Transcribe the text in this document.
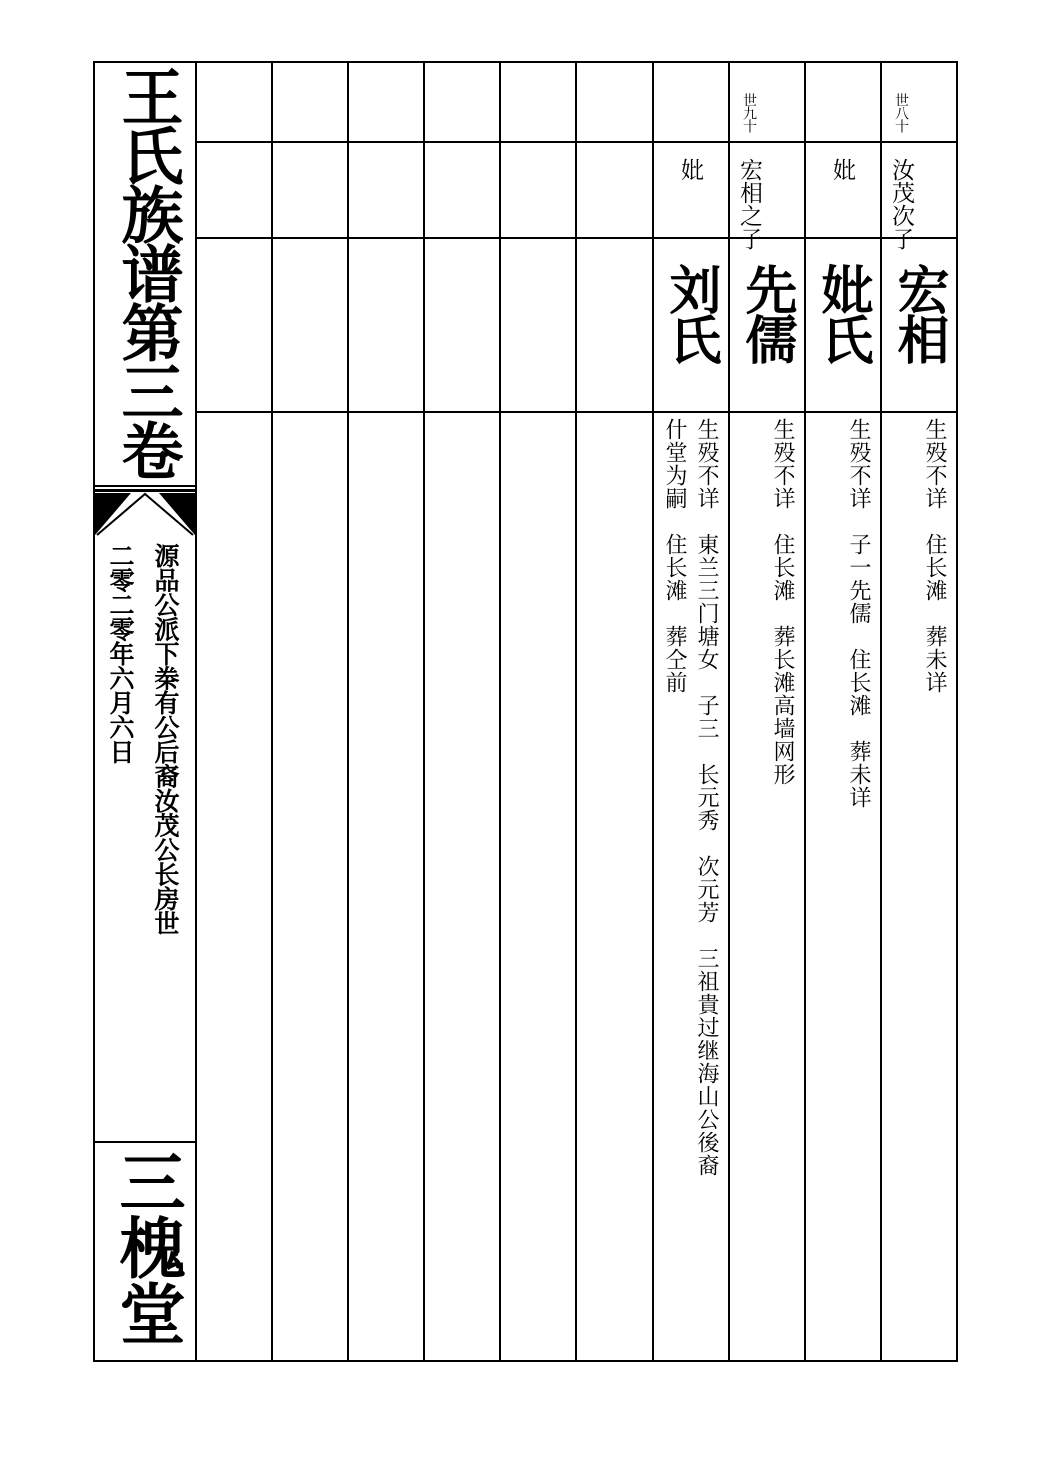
王氏族谱第三卷
源品公派下桊有公后裔汝茂公长房世
二零二零年六月六日
三槐堂
世八十
汝茂次子
宏相
生殁不详　住长滩　葬未详
妣
妣氏
生殁不详　子一先儒　住长滩　葬未详
世九十
宏相之子
先儒
生殁不详　住长滩　葬长滩高墙网形
妣
刘氏
生殁不详　東兰三门塘女　子三　长元秀　次元芳　三祖貴过继海山公後裔
什堂为嗣　住长滩　葬仝前
